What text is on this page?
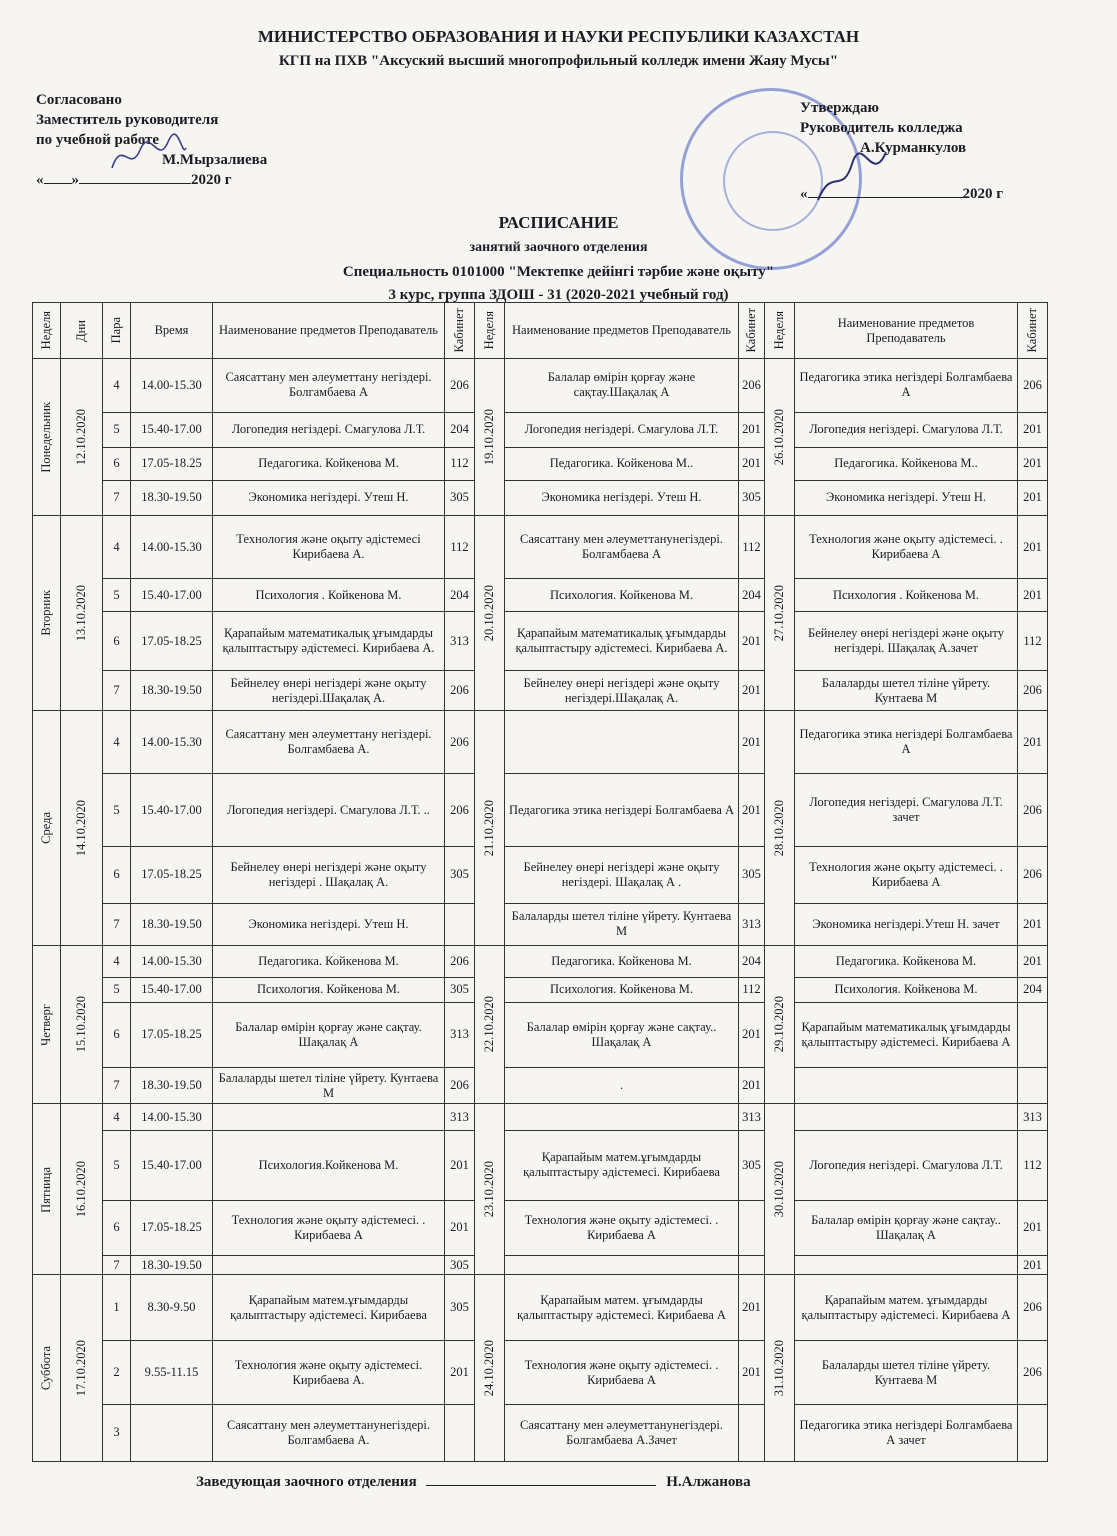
МИНИСТЕРСТВО ОБРАЗОВАНИЯ И НАУКИ РЕСПУБЛИКИ КАЗАХСТАН
КГП на ПХВ "Аксуский высший многопрофильный колледж имени Жаяу Мусы"
Согласовано
Заместитель руководителя
по учебной работе
М.Мырзалиева
« »	2020 г
Утверждаю
Руководитель колледжа
А.Курманкулов
«	2020 г
РАСПИСАНИЕ
занятий заочного отделения
Специальность 0101000 "Мектепке дейінгі тәрбие және оқыту"
3 курс, группа ЗДОШ - 31 (2020-2021 учебный год)
Неделя	Дни	Пара	Время	Наименование предметов Преподаватель	Кабинет	Неделя	Наименование предметов Преподаватель	Кабинет	Неделя	Наименование предметов Преподаватель	Кабинет

Понедельник	12.10.2020	4	14.00-15.30	Саясаттану мен әлеуметтану негіздері. Болгамбаева А	206	19.10.2020	Балалар өмірін қорғау және сақтау.Шақалақ А	206	26.10.2020	Педагогика этика негіздері Болгамбаева А	206
		5	15.40-17.00	Логопедия негіздері. Смагулова Л.Т.	204		Логопедия негіздері. Смагулова Л.Т.	201		Логопедия негіздері. Смагулова Л.Т.	201
		6	17.05-18.25	Педагогика. Койкенова М.	112		Педагогика. Койкенова М..	201		Педагогика. Койкенова М..	201
		7	18.30-19.50	Экономика негіздері. Утеш Н.	305		Экономика негіздері. Утеш Н.	305		Экономика негіздері. Утеш Н.	201

Вторник	13.10.2020	4	14.00-15.30	Технология және оқыту әдістемесі Кирибаева А.	112	20.10.2020	Саясаттану мен әлеуметтанунегіздері. Болгамбаева А	112	27.10.2020	Технология және оқыту әдістемесі. . Кирибаева А	201
		5	15.40-17.00	Психология . Койкенова М.	204		Психология. Койкенова М.	204		Психология . Койкенова М.	201
		6	17.05-18.25	Қарапайым математикалық ұғымдарды қалыптастыру әдістемесі. Кирибаева А.	313		Қарапайым математикалық ұғымдарды қалыптастыру әдістемесі. Кирибаева А.	201		Бейнелеу өнері негіздері және оқыту негіздері. Шақалақ А.зачет	112
		7	18.30-19.50	Бейнелеу өнері негіздері және оқыту негіздері.Шақалақ А.	206		Бейнелеу өнері негіздері және оқыту негіздері.Шақалақ А.	201		Балаларды шетел тіліне үйрету. Кунтаева М	206

Среда	14.10.2020	4	14.00-15.30	Саясаттану мен әлеуметтану негіздері. Болгамбаева А.	206	21.10.2020		201	28.10.2020	Педагогика этика негіздері Болгамбаева А	201
		5	15.40-17.00	Логопедия негіздері. Смагулова Л.Т. ..	206		Педагогика этика негіздері Болгамбаева А	201		Логопедия негіздері. Смагулова Л.Т. зачет	206
		6	17.05-18.25	Бейнелеу өнері негіздері және оқыту негіздері . Шақалақ А.	305		Бейнелеу өнері негіздері және оқыту негіздері. Шақалақ А .	305		Технология және оқыту әдістемесі. . Кирибаева А	206
		7	18.30-19.50	Экономика негіздері. Утеш Н.			Балаларды шетел тіліне үйрету. Кунтаева М	313		Экономика негіздері.Утеш Н. зачет	201

Четверг	15.10.2020	4	14.00-15.30	Педагогика. Койкенова М.	206	22.10.2020	Педагогика. Койкенова М.	204	29.10.2020	Педагогика. Койкенова М.	201
		5	15.40-17.00	Психология. Койкенова М.	305		Психология. Койкенова М.	112		Психология. Койкенова М.	204
		6	17.05-18.25	Балалар өмірін қорғау және сақтау. Шақалақ А	313		Балалар өмірін қорғау және сақтау.. Шақалақ А	201		Қарапайым математикалық ұғымдарды қалыптастыру әдістемесі. Кирибаева А	
		7	18.30-19.50	Балаларды шетел тіліне үйрету. Кунтаева М	206		.	201			

Пятница	16.10.2020	4	14.00-15.30		313	23.10.2020		313	30.10.2020		313
		5	15.40-17.00	Психология.Койкенова М.	201		Қарапайым матем.ұғымдарды қалыптастыру әдістемесі. Кирибаева	305		Логопедия негіздері. Смагулова Л.Т.	112
		6	17.05-18.25	Технология және оқыту әдістемесі. . Кирибаева А	201		Технология және оқыту әдістемесі. . Кирибаева А			Балалар өмірін қорғау және сақтау.. Шақалақ А	201
		7	18.30-19.50		305						201

Суббота	17.10.2020	1	8.30-9.50	Қарапайым матем.ұғымдарды қалыптастыру әдістемесі. Кирибаева	305	24.10.2020	Қарапайым матем. ұғымдарды қалыптастыру әдістемесі. Кирибаева А	201	31.10.2020	Қарапайым матем. ұғымдарды қалыптастыру әдістемесі. Кирибаева А	206
		2	9.55-11.15	Технология және оқыту әдістемесі. Кирибаева А.	201		Технология және оқыту әдістемесі. . Кирибаева А	201		Балаларды шетел тіліне үйрету. Кунтаева М	206
		3		Саясаттану мен әлеуметтанунегіздері. Болгамбаева А.			Саясаттану мен әлеуметтанунегіздері. Болгамбаева А.Зачет			Педагогика этика негіздері Болгамбаева А зачет	
Заведующая заочного отделения	Н.Алжанова
